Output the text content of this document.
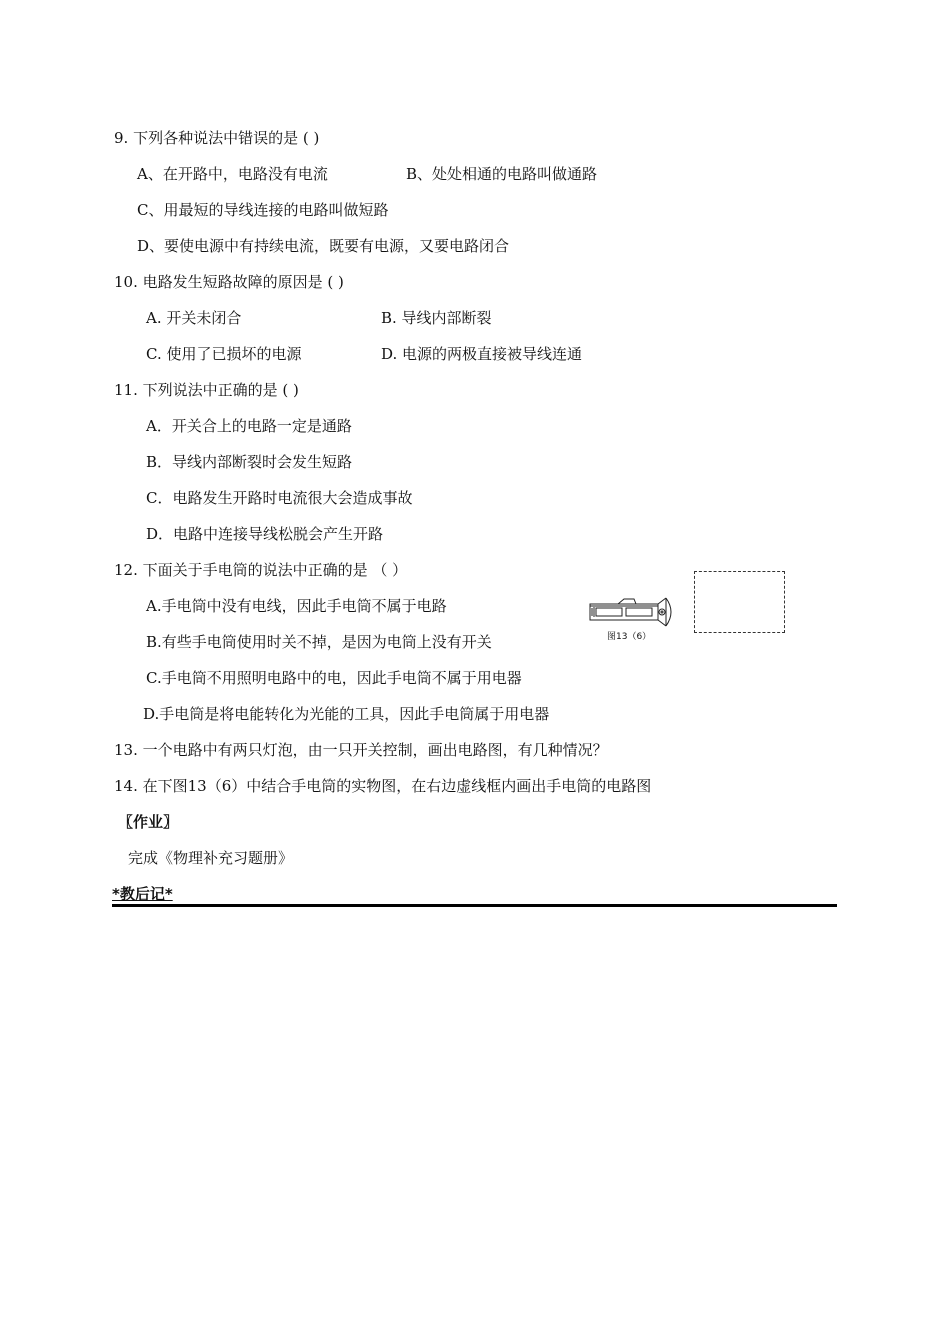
9. 下列各种说法中错误的是 ( )
A、在开路中，电路没有电流	B、处处相通的电路叫做通路
C、用最短的导线连接的电路叫做短路
D、要使电源中有持续电流，既要有电源，又要电路闭合
10. 电路发生短路故障的原因是 ( )
A. 开关未闭合	B. 导线内部断裂
C. 使用了已损坏的电源	D. 电源的两极直接被导线连通
11. 下列说法中正确的是 ( )
A．开关合上的电路一定是通路
B．导线内部断裂时会发生短路
C．电路发生开路时电流很大会造成事故
D．电路中连接导线松脱会产生开路
12. 下面关于手电筒的说法中正确的是 （ ）
A.手电筒中没有电线，因此手电筒不属于电路
B.有些手电筒使用时关不掉，是因为电筒上没有开关
C.手电筒不用照明电路中的电，因此手电筒不属于用电器
D.手电筒是将电能转化为光能的工具，因此手电筒属于用电器
图13（6）
13. 一个电路中有两只灯泡，由一只开关控制，画出电路图，有几种情况？
14. 在下图13（6）中结合手电筒的实物图，在右边虚线框内画出手电筒的电路图
〖作业〗
完成《物理补充习题册》
*教后记*
